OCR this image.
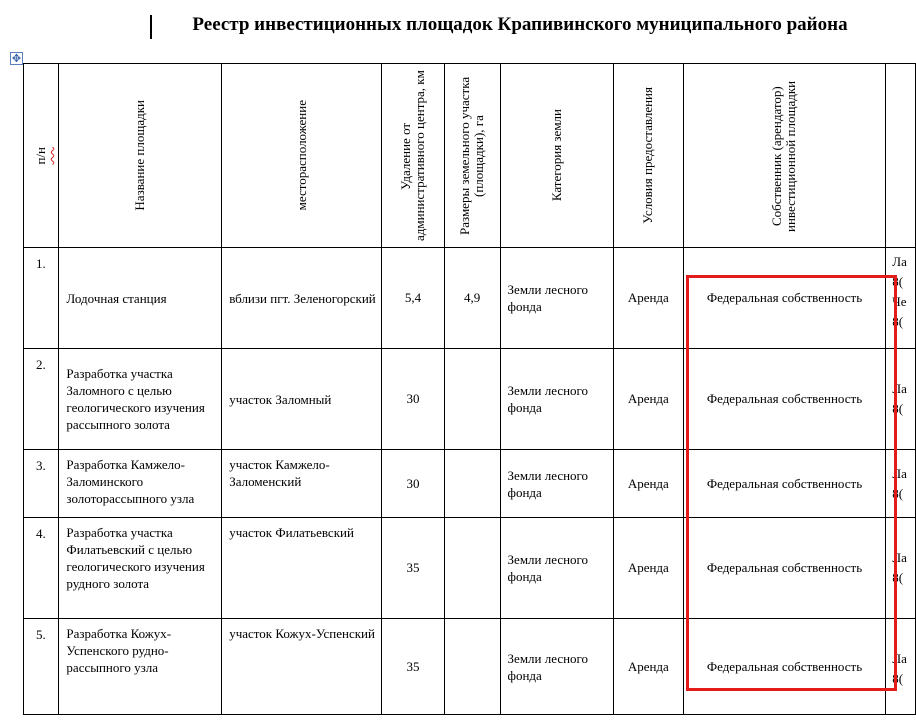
Реестр инвестиционных площадок Крапивинского муниципального района
✥
п/н	Название площадки	месторасположение	Удаление от административного центра, км	Размеры земельного участка (площадки), га	Категория земли	Условия предоставления	Собственник (арендатор) инвестиционной площадки	

1.	Лодочная станция	вблизи пгт. Зеленогорский	5,4	4,9	Земли лесного фонда	Аренда	Федеральная собственность	Ла
8(
Че
8(

2.	Разработка участка Заломного с целью геологического изучения рассыпного золота	участок Заломный	30		Земли лесного фонда	Аренда	Федеральная собственность	Ла
8(

3.	Разработка Камжело-Заломинского золоторассыпного узла	участок Камжело-Заломенский	30		Земли лесного фонда	Аренда	Федеральная собственность	Ла
8(

4.	Разработка участка Филатьевский с целью геологического изучения рудного золота	участок Филатьевский	35		Земли лесного фонда	Аренда	Федеральная собственность	Ла
8(

5.	Разработка Кожух-Успенского рудно-рассыпного узла	участок Кожух-Успенский	35		Земли лесного фонда	Аренда	Федеральная собственность	Ла
8(
